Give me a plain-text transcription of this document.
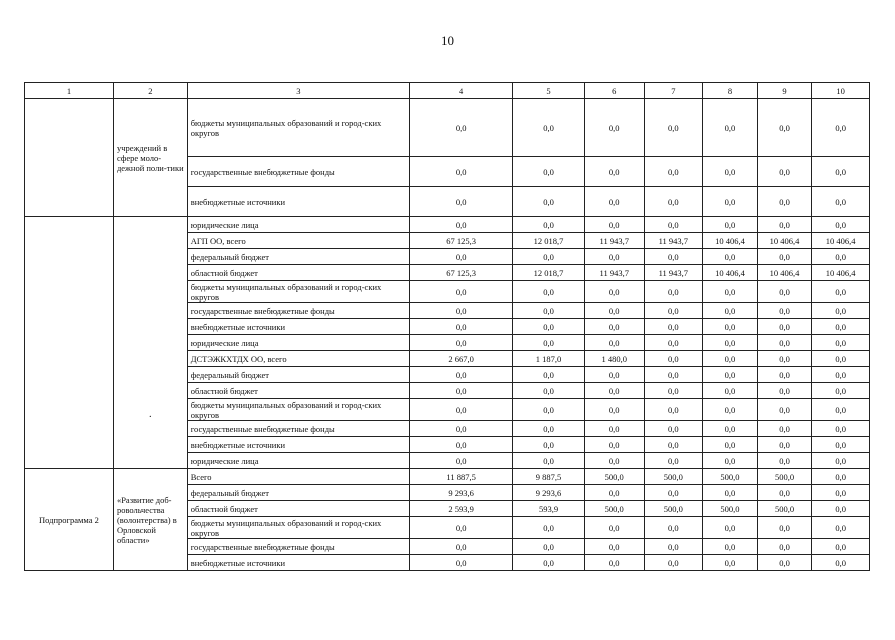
10
1	2	3	4	5	6	7	8	9	10
	учреждений в сфере моло-дежной поли-тики	бюджеты муниципальных образований и город-ских округов	0,0	0,0	0,0	0,0	0,0	0,0	0,0
		государственные внебюджетные фонды	0,0	0,0	0,0	0,0	0,0	0,0	0,0
		внебюджетные источники	0,0	0,0	0,0	0,0	0,0	0,0	0,0

	·	юридические лица	0,0	0,0	0,0	0,0	0,0	0,0	0,0
		АГП ОО, всего	67 125,3	12 018,7	11 943,7	11 943,7	10 406,4	10 406,4	10 406,4
		федеральный бюджет	0,0	0,0	0,0	0,0	0,0	0,0	0,0
		областной бюджет	67 125,3	12 018,7	11 943,7	11 943,7	10 406,4	10 406,4	10 406,4
		бюджеты муниципальных образований и город-ских округов	0,0	0,0	0,0	0,0	0,0	0,0	0,0
		государственные внебюджетные фонды	0,0	0,0	0,0	0,0	0,0	0,0	0,0
		внебюджетные источники	0,0	0,0	0,0	0,0	0,0	0,0	0,0
		юридические лица	0,0	0,0	0,0	0,0	0,0	0,0	0,0
		ДСТЭЖКХТДХ ОО, всего	2 667,0	1 187,0	1 480,0	0,0	0,0	0,0	0,0
		федеральный бюджет	0,0	0,0	0,0	0,0	0,0	0,0	0,0
		областной бюджет	0,0	0,0	0,0	0,0	0,0	0,0	0,0
		бюджеты муниципальных образований и город-ских округов	0,0	0,0	0,0	0,0	0,0	0,0	0,0
		государственные внебюджетные фонды	0,0	0,0	0,0	0,0	0,0	0,0	0,0
		внебюджетные источники	0,0	0,0	0,0	0,0	0,0	0,0	0,0
		юридические лица	0,0	0,0	0,0	0,0	0,0	0,0	0,0
Подпрограмма 2	«Развитие доб-ровольчества (волонтерства) в Орловской области»	Всего	11 887,5	9 887,5	500,0	500,0	500,0	500,0	0,0
		федеральный бюджет	9 293,6	9 293,6	0,0	0,0	0,0	0,0	0,0
		областной бюджет	2 593,9	593,9	500,0	500,0	500,0	500,0	0,0
		бюджеты муниципальных образований и город-ских округов	0,0	0,0	0,0	0,0	0,0	0,0	0,0
		государственные внебюджетные фонды	0,0	0,0	0,0	0,0	0,0	0,0	0,0
		внебюджетные источники	0,0	0,0	0,0	0,0	0,0	0,0	0,0
